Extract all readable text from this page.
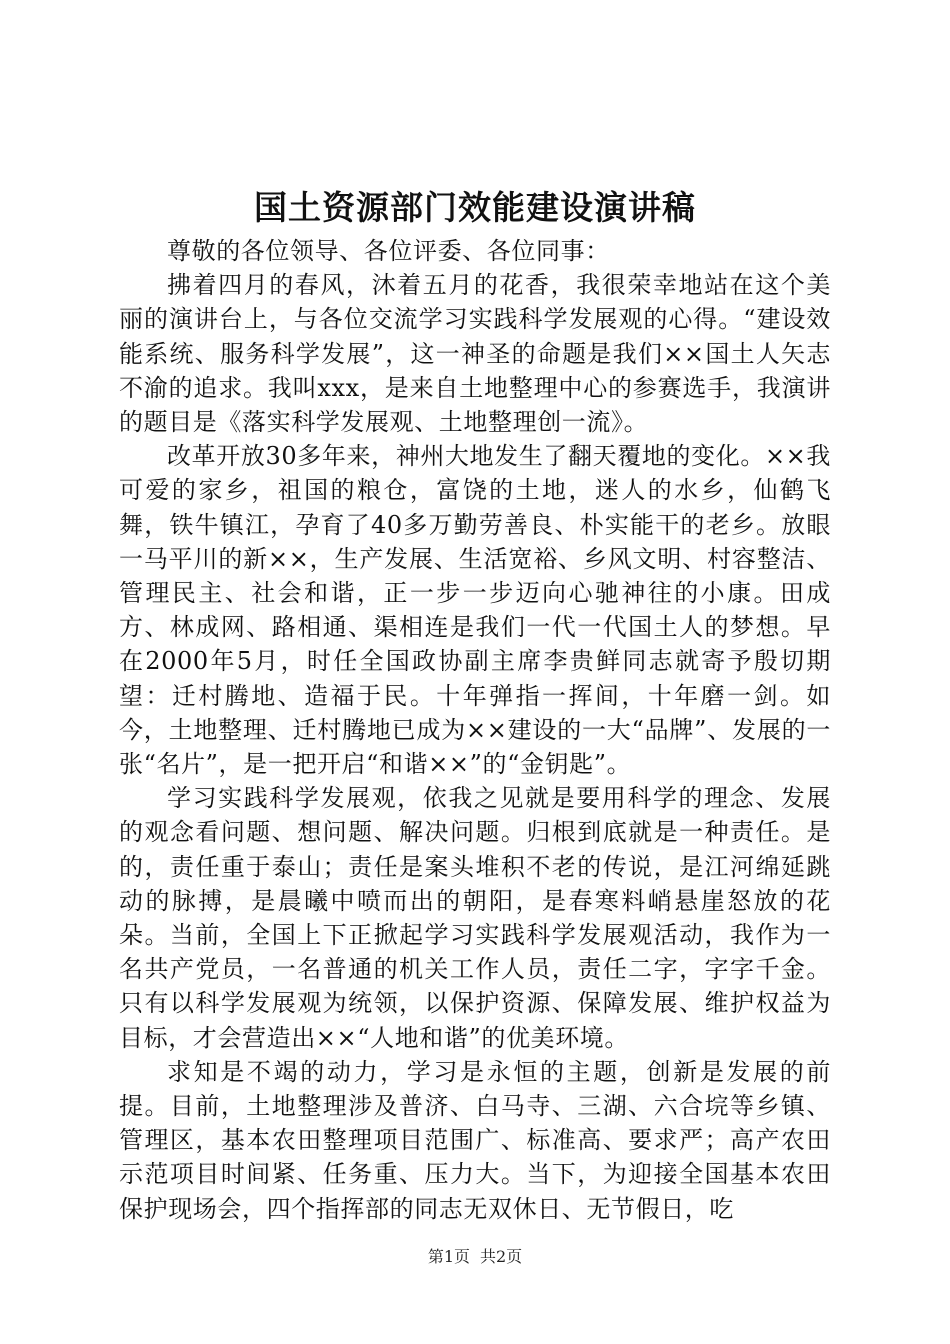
国土资源部门效能建设演讲稿

尊敬的各位领导、各位评委、各位同事：

拂着四月的春风，沐着五月的花香，我很荣幸地站在这个美丽的演讲台上，与各位交流学习实践科学发展观的心得。“建设效能系统、服务科学发展”，这一神圣的命题是我们××国土人矢志不渝的追求。我叫xxx，是来自土地整理中心的参赛选手，我演讲的题目是《落实科学发展观、土地整理创一流》。

改革开放30多年来，神州大地发生了翻天覆地的变化。××我可爱的家乡，祖国的粮仓，富饶的土地，迷人的水乡，仙鹤飞舞，铁牛镇江，孕育了40多万勤劳善良、朴实能干的老乡。放眼一马平川的新××，生产发展、生活宽裕、乡风文明、村容整洁、管理民主、社会和谐，正一步一步迈向心驰神往的小康。田成方、林成网、路相通、渠相连是我们一代一代国土人的梦想。早在2000年5月，时任全国政协副主席李贵鲜同志就寄予殷切期望：迁村腾地、造福于民。十年弹指一挥间，十年磨一剑。如今，土地整理、迁村腾地已成为××建设的一大“品牌”、发展的一张“名片”，是一把开启“和谐××”的“金钥匙”。

学习实践科学发展观，依我之见就是要用科学的理念、发展的观念看问题、想问题、解决问题。归根到底就是一种责任。是的，责任重于泰山；责任是案头堆积不老的传说，是江河绵延跳动的脉搏，是晨曦中喷而出的朝阳，是春寒料峭悬崖怒放的花朵。当前，全国上下正掀起学习实践科学发展观活动，我作为一名共产党员，一名普通的机关工作人员，责任二字，字字千金。只有以科学发展观为统领，以保护资源、保障发展、维护权益为目标，才会营造出××“人地和谐”的优美环境。

求知是不竭的动力，学习是永恒的主题，创新是发展的前提。目前，土地整理涉及普济、白马寺、三湖、六合垸等乡镇、管理区，基本农田整理项目范围广、标准高、要求严；高产农田示范项目时间紧、任务重、压力大。当下，为迎接全国基本农田保护现场会，四个指挥部的同志无双休日、无节假日，吃

第1页 共2页
